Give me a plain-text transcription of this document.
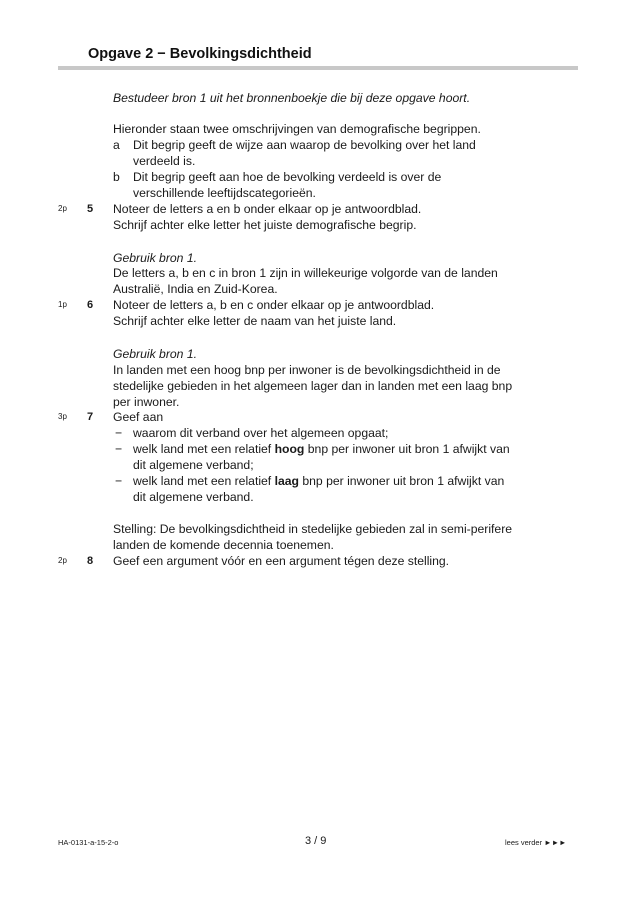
Opgave 2 − Bevolkingsdichtheid
Bestudeer bron 1 uit het bronnenboekje die bij deze opgave hoort.
Hieronder staan twee omschrijvingen van demografische begrippen.
a Dit begrip geeft de wijze aan waarop de bevolking over het land
verdeeld is.
b Dit begrip geeft aan hoe de bevolking verdeeld is over de
verschillende leeftijdscategorieën.
2p 5 Noteer de letters a en b onder elkaar op je antwoordblad.
Schrijf achter elke letter het juiste demografische begrip.
Gebruik bron 1.
De letters a, b en c in bron 1 zijn in willekeurige volgorde van de landen
Australië, India en Zuid-Korea.
1p 6 Noteer de letters a, b en c onder elkaar op je antwoordblad.
Schrijf achter elke letter de naam van het juiste land.
Gebruik bron 1.
In landen met een hoog bnp per inwoner is de bevolkingsdichtheid in de
stedelijke gebieden in het algemeen lager dan in landen met een laag bnp
per inwoner.
3p 7 Geef aan
− waarom dit verband over het algemeen opgaat;
− welk land met een relatief hoog bnp per inwoner uit bron 1 afwijkt van
dit algemene verband;
− welk land met een relatief laag bnp per inwoner uit bron 1 afwijkt van
dit algemene verband.
Stelling: De bevolkingsdichtheid in stedelijke gebieden zal in semi-perifere
landen de komende decennia toenemen.
2p 8 Geef een argument vóór en een argument tégen deze stelling.
HA-0131-a-15-2-o	3 / 9	lees verder ►►►
